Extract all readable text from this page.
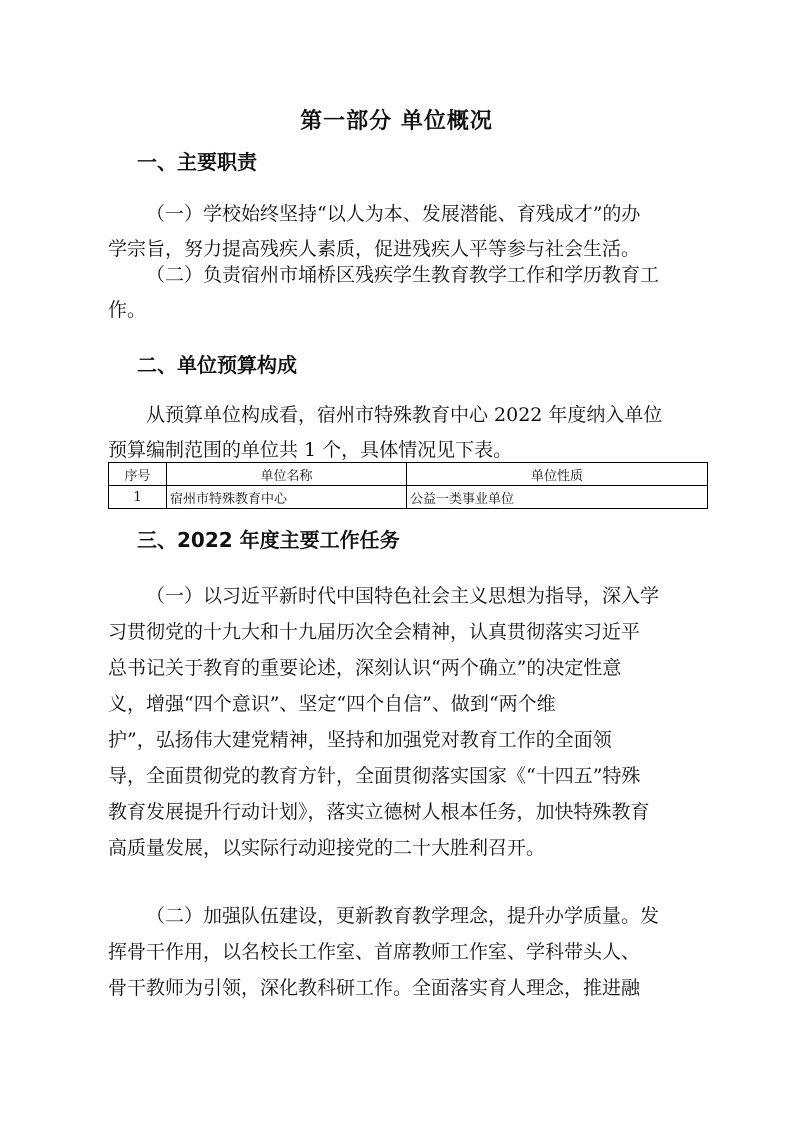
第一部分 单位概况
一、主要职责
（一）学校始终坚持“以人为本、发展潜能、育残成才”的办
学宗旨，努力提高残疾人素质，促进残疾人平等参与社会生活。
（二）负责宿州市埇桥区残疾学生教育教学工作和学历教育工
作。
二、单位预算构成
从预算单位构成看，宿州市特殊教育中心 2022 年度纳入单位
预算编制范围的单位共 1 个，具体情况见下表。
序号	单位名称	单位性质
1	宿州市特殊教育中心	公益一类事业单位
三、2022 年度主要工作任务
（一）以习近平新时代中国特色社会主义思想为指导，深入学
习贯彻党的十九大和十九届历次全会精神，认真贯彻落实习近平
总书记关于教育的重要论述，深刻认识“两个确立”的决定性意
义，增强“四个意识”、坚定“四个自信”、做到“两个维
护”，弘扬伟大建党精神，坚持和加强党对教育工作的全面领
导，全面贯彻党的教育方针，全面贯彻落实国家《“十四五”特殊
教育发展提升行动计划》，落实立德树人根本任务，加快特殊教育
高质量发展，以实际行动迎接党的二十大胜利召开。
（二）加强队伍建设，更新教育教学理念，提升办学质量。发
挥骨干作用，以名校长工作室、首席教师工作室、学科带头人、
骨干教师为引领，深化教科研工作。全面落实育人理念，推进融
